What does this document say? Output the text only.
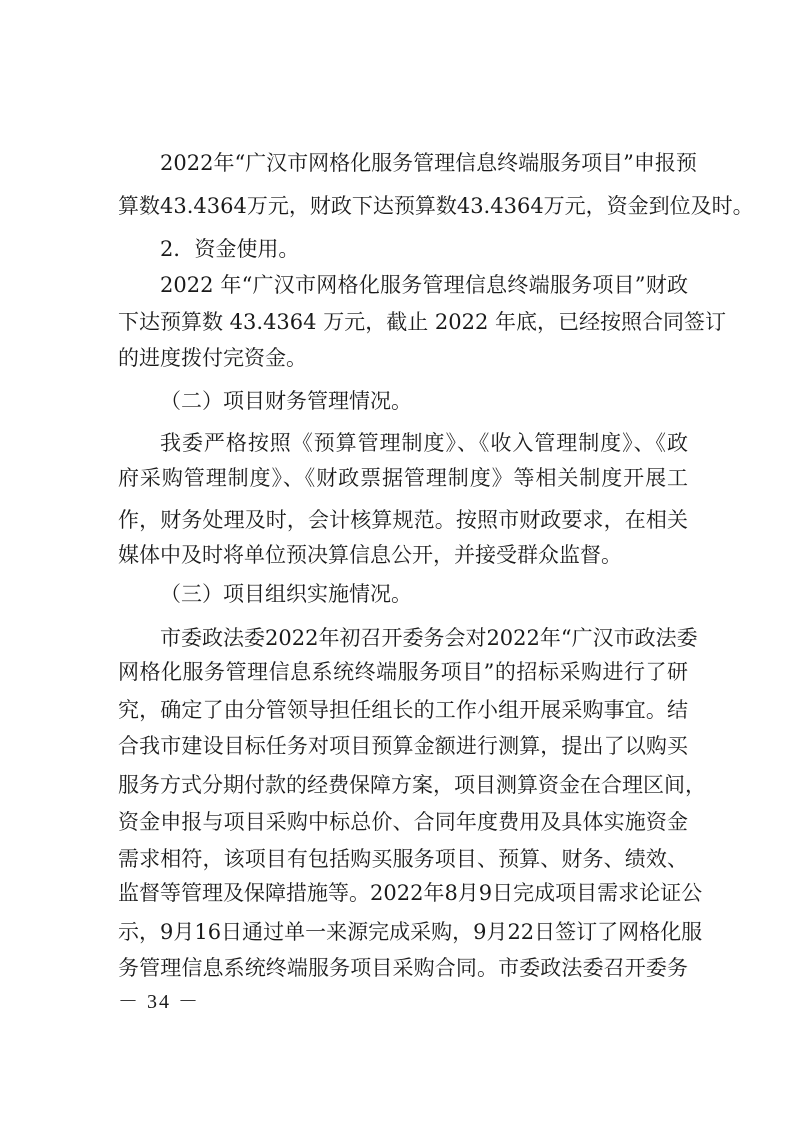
2022年“广汉市网格化服务管理信息终端服务项目”申报预
算数43.4364万元，财政下达预算数43.4364万元，资金到位及时。
2．资金使用。
2022 年“广汉市网格化服务管理信息终端服务项目”财政
下达预算数 43.4364 万元，截止 2022 年底，已经按照合同签订
的进度拨付完资金。
（二）项目财务管理情况。
我委严格按照《预算管理制度》、《收入管理制度》、《政
府采购管理制度》、《财政票据管理制度》等相关制度开展工
作，财务处理及时，会计核算规范。按照市财政要求，在相关
媒体中及时将单位预决算信息公开，并接受群众监督。
（三）项目组织实施情况。
市委政法委2022年初召开委务会对2022年“广汉市政法委
网格化服务管理信息系统终端服务项目”的招标采购进行了研
究，确定了由分管领导担任组长的工作小组开展采购事宜。结
合我市建设目标任务对项目预算金额进行测算，提出了以购买
服务方式分期付款的经费保障方案，项目测算资金在合理区间，
资金申报与项目采购中标总价、合同年度费用及具体实施资金
需求相符，该项目有包括购买服务项目、预算、财务、绩效、
监督等管理及保障措施等。2022年8月9日完成项目需求论证公
示，9月16日通过单一来源完成采购，9月22日签订了网格化服
务管理信息系统终端服务项目采购合同。市委政法委召开委务
－ 34 －
